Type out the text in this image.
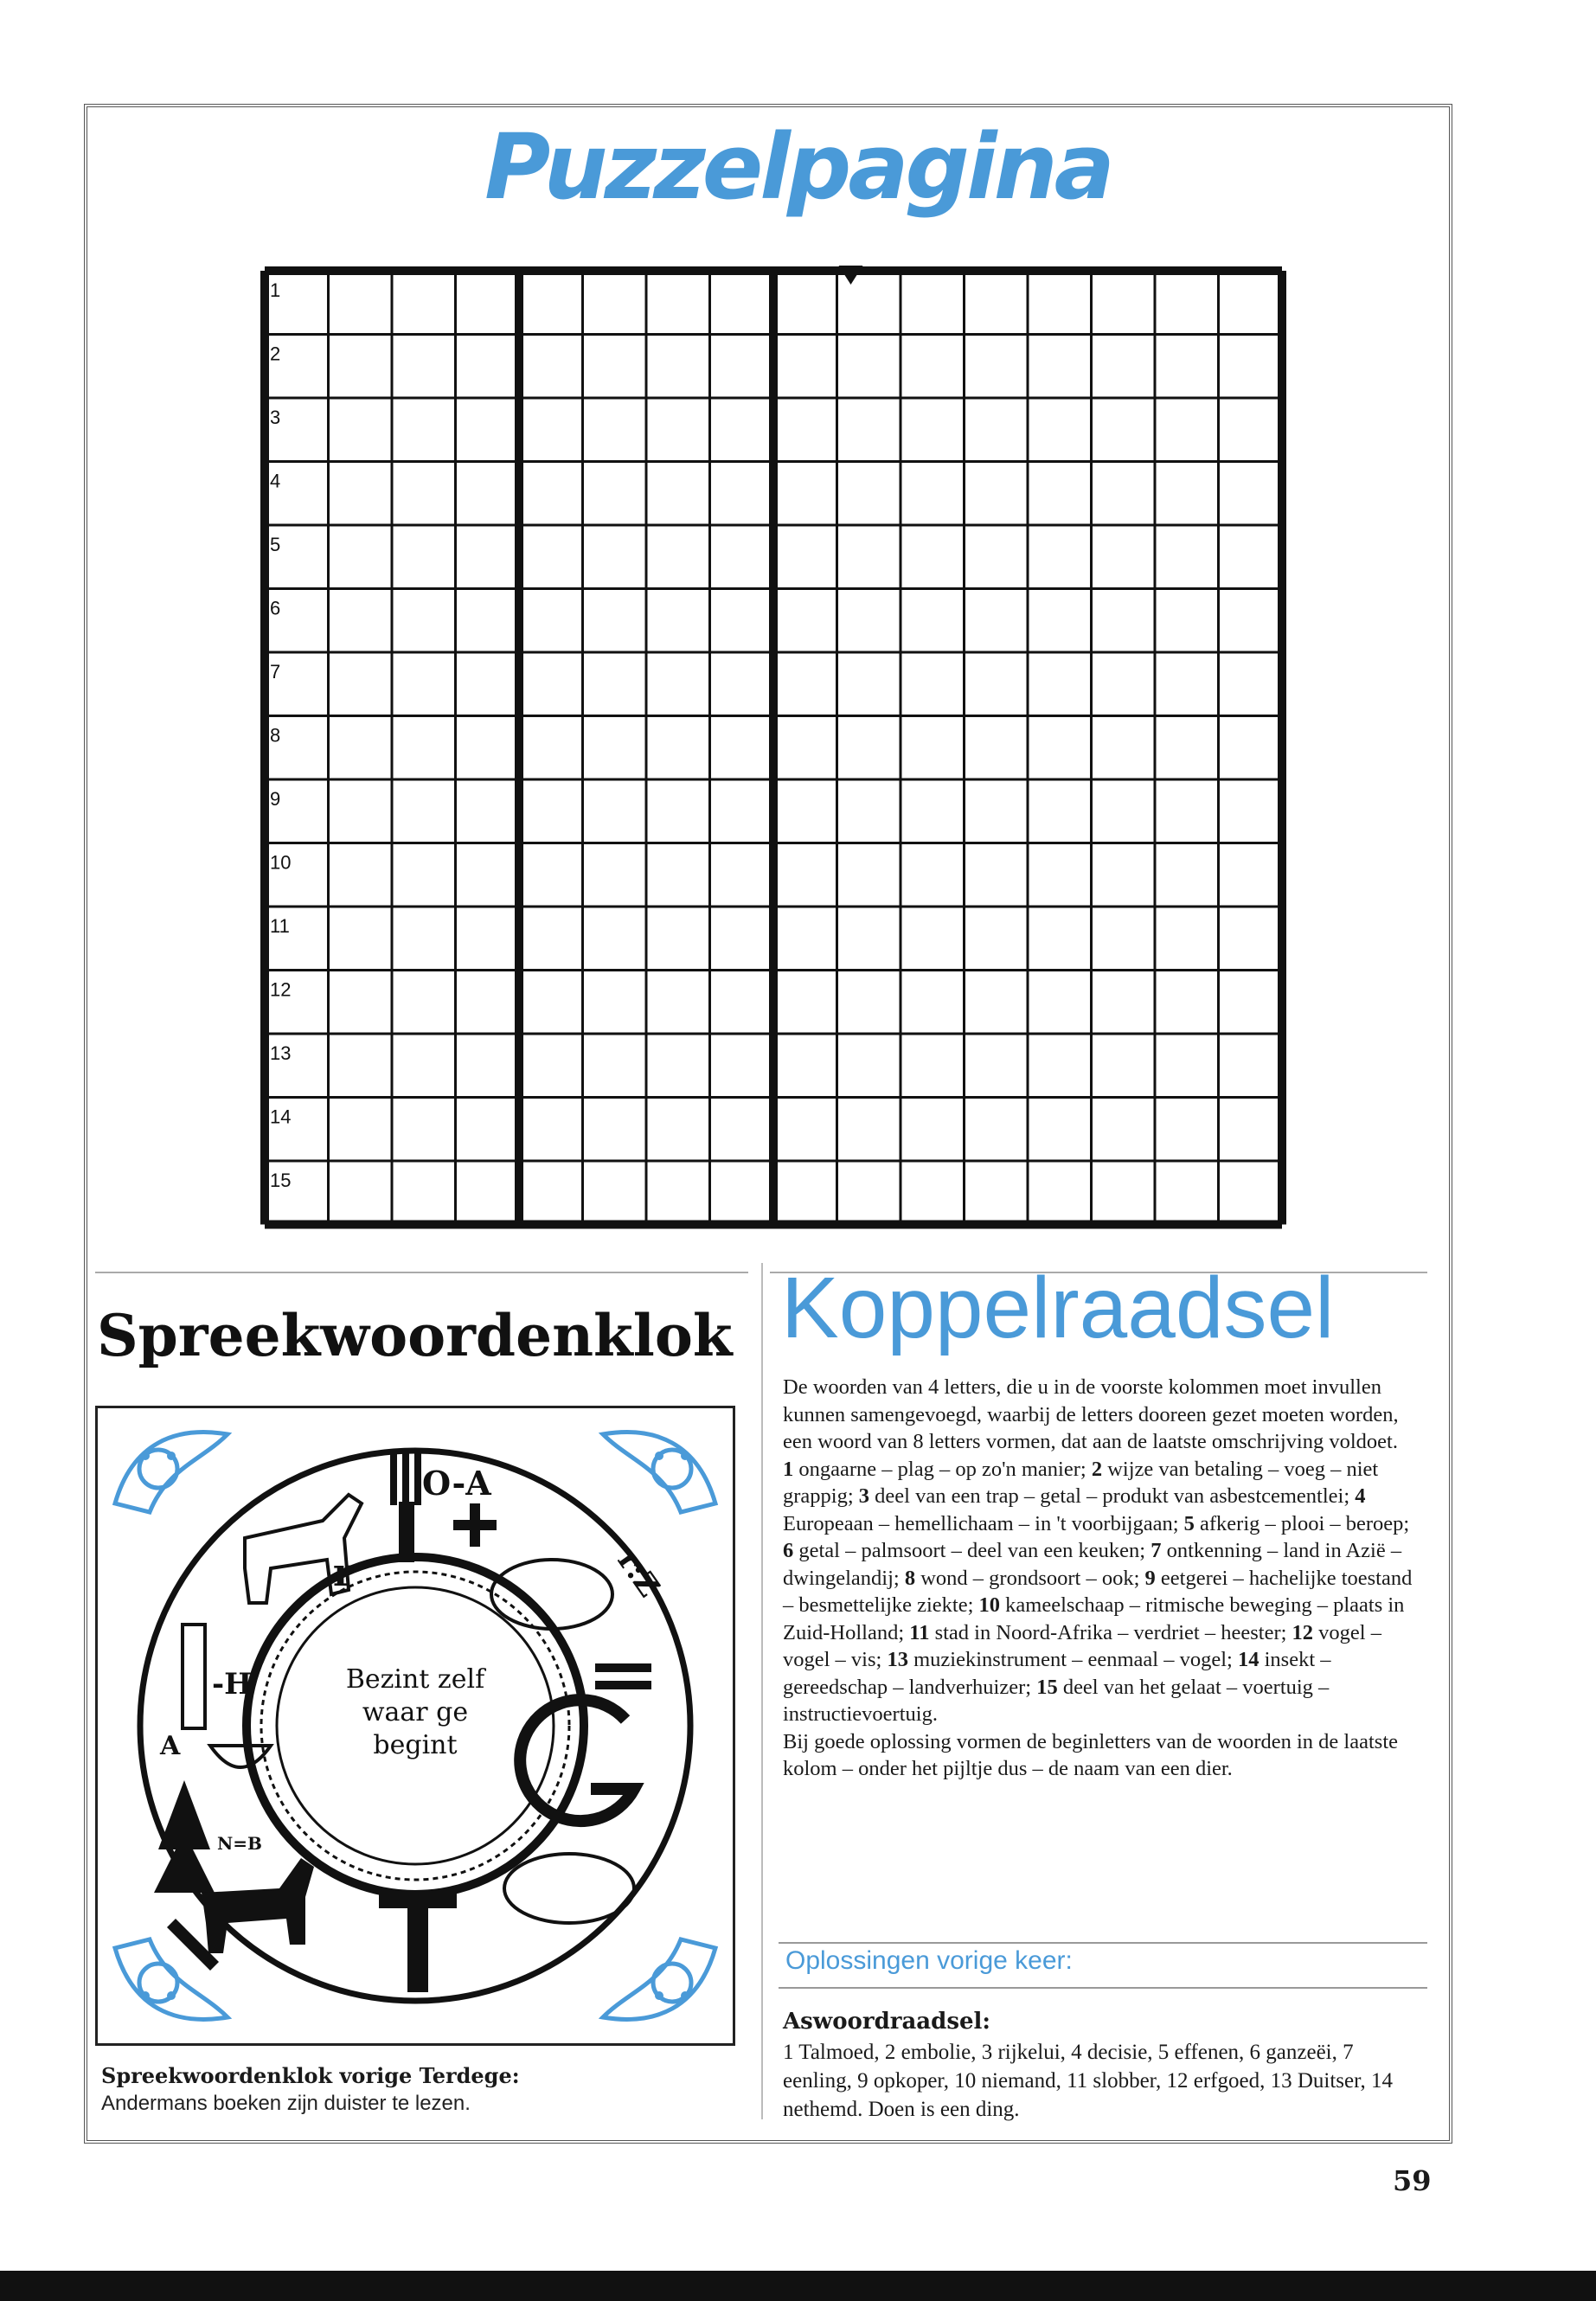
Puzzelpagina
1
2
3
4
5
6
7
8
9
10
11
12
13
14
15
Spreekwoordenklok
O-A
r	r:Z
-H
A
N=B
Bezint zelf
waar ge
begint
Spreekwoordenklok vorige Terdege:
Andermans boeken zijn duister te lezen.
Koppelraadsel

De woorden van 4 letters, die u in de voorste kolommen moet invullen kunnen samengevoegd, waarbij de letters dooreen gezet moeten worden, een woord van 8 letters vormen, dat aan de laatste omschrijving voldoet.

1 ongaarne – plag – op zo'n manier; 2 wijze van betaling – voeg – niet grappig; 3 deel van een trap – getal – produkt van asbestcementlei; 4 Europeaan – hemellichaam – in 't voorbijgaan; 5 afkerig – plooi – beroep; 6 getal – palmsoort – deel van een keuken; 7 ontkenning – land in Azië – dwingelandij; 8 wond – grondsoort – ook; 9 eetgerei – hachelijke toestand – besmettelijke ziekte; 10 kameelschaap – ritmische beweging – plaats in Zuid-Holland; 11 stad in Noord-Afrika – verdriet – heester; 12 vogel – vogel – vis; 13 muziekinstrument – eenmaal – vogel; 14 insekt – gereedschap – landverhuizer; 15 deel van het gelaat – voertuig – instructievoertuig.

Bij goede oplossing vormen de beginletters van de woorden in de laatste kolom – onder het pijltje dus – de naam van een dier.

Oplossingen vorige keer:
Aswoordraadsel:
1 Talmoed, 2 embolie, 3 rijkelui, 4 decisie, 5 effenen, 6 ganzeëi, 7 eenling, 9 opkoper, 10 niemand, 11 slobber, 12 erfgoed, 13 Duitser, 14 nethemd. Doen is een ding.
59
